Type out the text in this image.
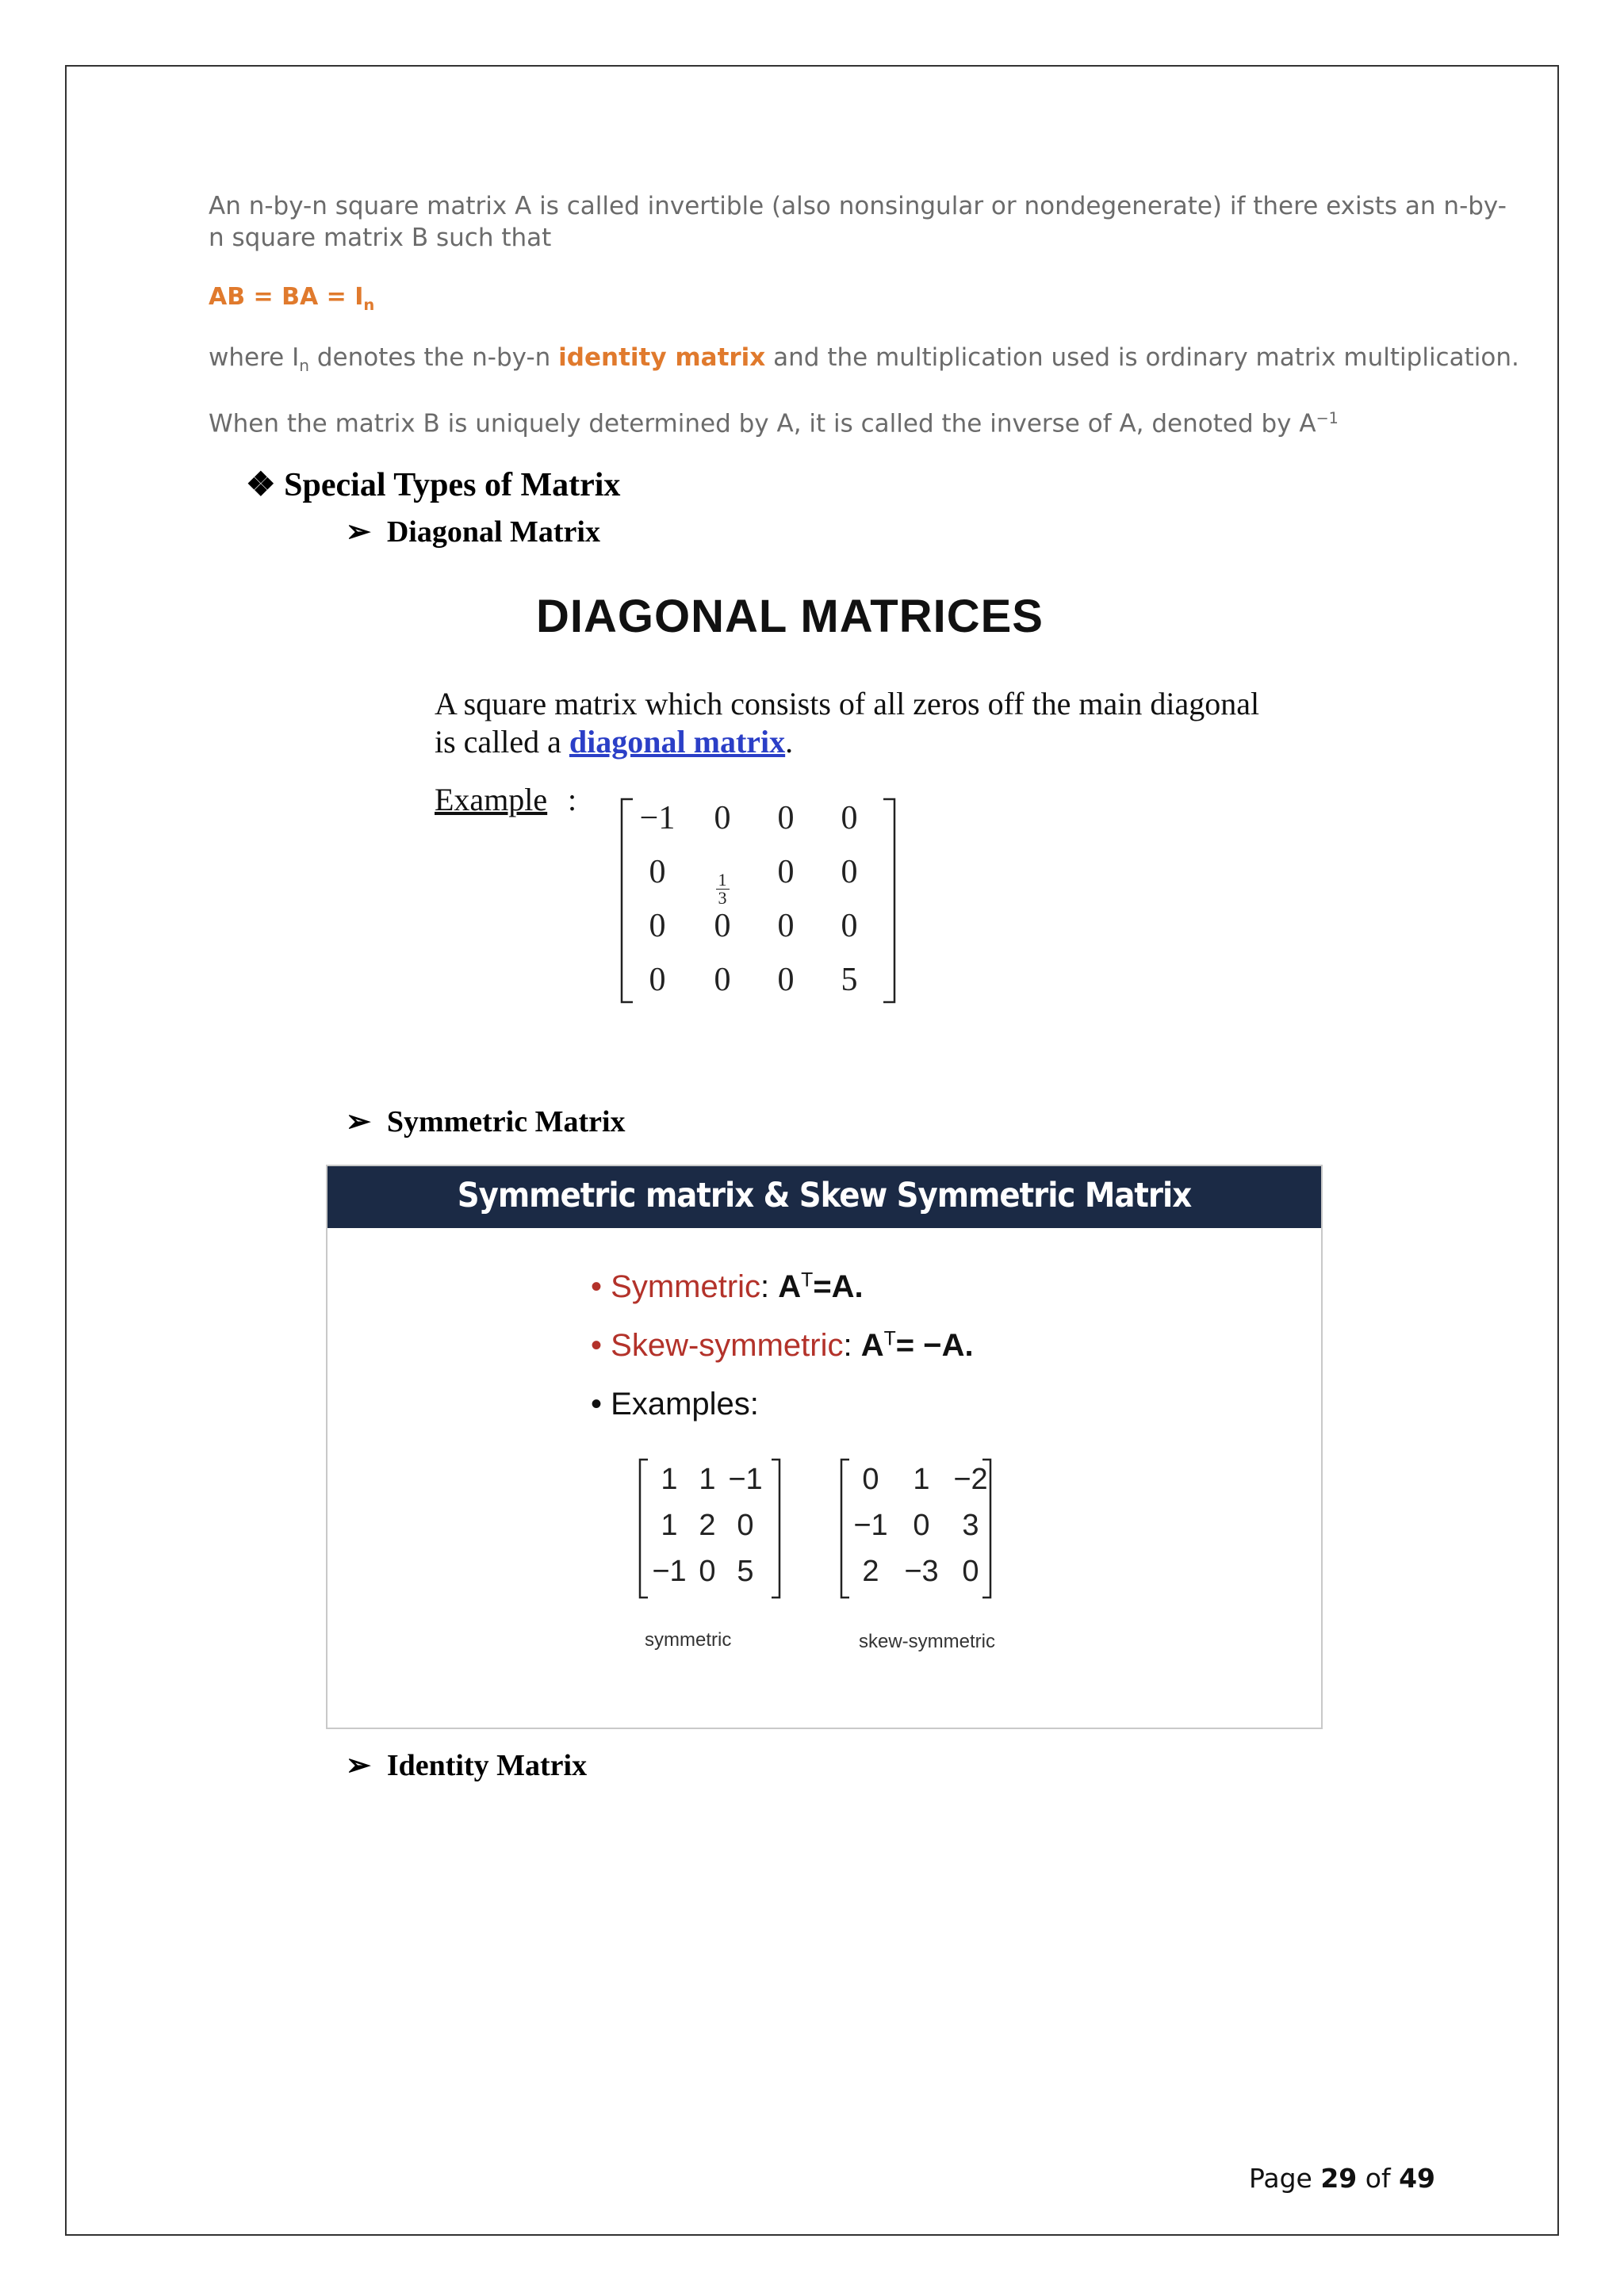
An n-by-n square matrix A is called invertible (also nonsingular or nondegenerate) if there exists an n-by-

n square matrix B such that

AB = BA = $I_n$

where $I_n$ denotes the n-by-n identity matrix and the multiplication used is ordinary matrix multiplication.

When the matrix B is uniquely determined by A, it is called the inverse of A, denoted by $A^{-1}$

❖ Special Types of Matrix
➢ Diagonal Matrix
DIAGONAL MATRICES

A square matrix which consists of all zeros off the main diagonal is called a diagonal matrix.

Example :
−1	0	0	0
0	$\frac{1}{3}$	0	0
0	0	0	0
0	0	0	5
➢ Symmetric Matrix
Symmetric matrix & Skew Symmetric Matrix
• Symmetric: $A^T=A$.
• Skew-symmetric: $A^T= -A$.
• Examples:
1 1 −1
1 2 0
−1 0 5
0	1 −2
−1 0	3
2 −3 0
symmetric	skew-symmetric
➢ Identity Matrix
Page 29 of 49
